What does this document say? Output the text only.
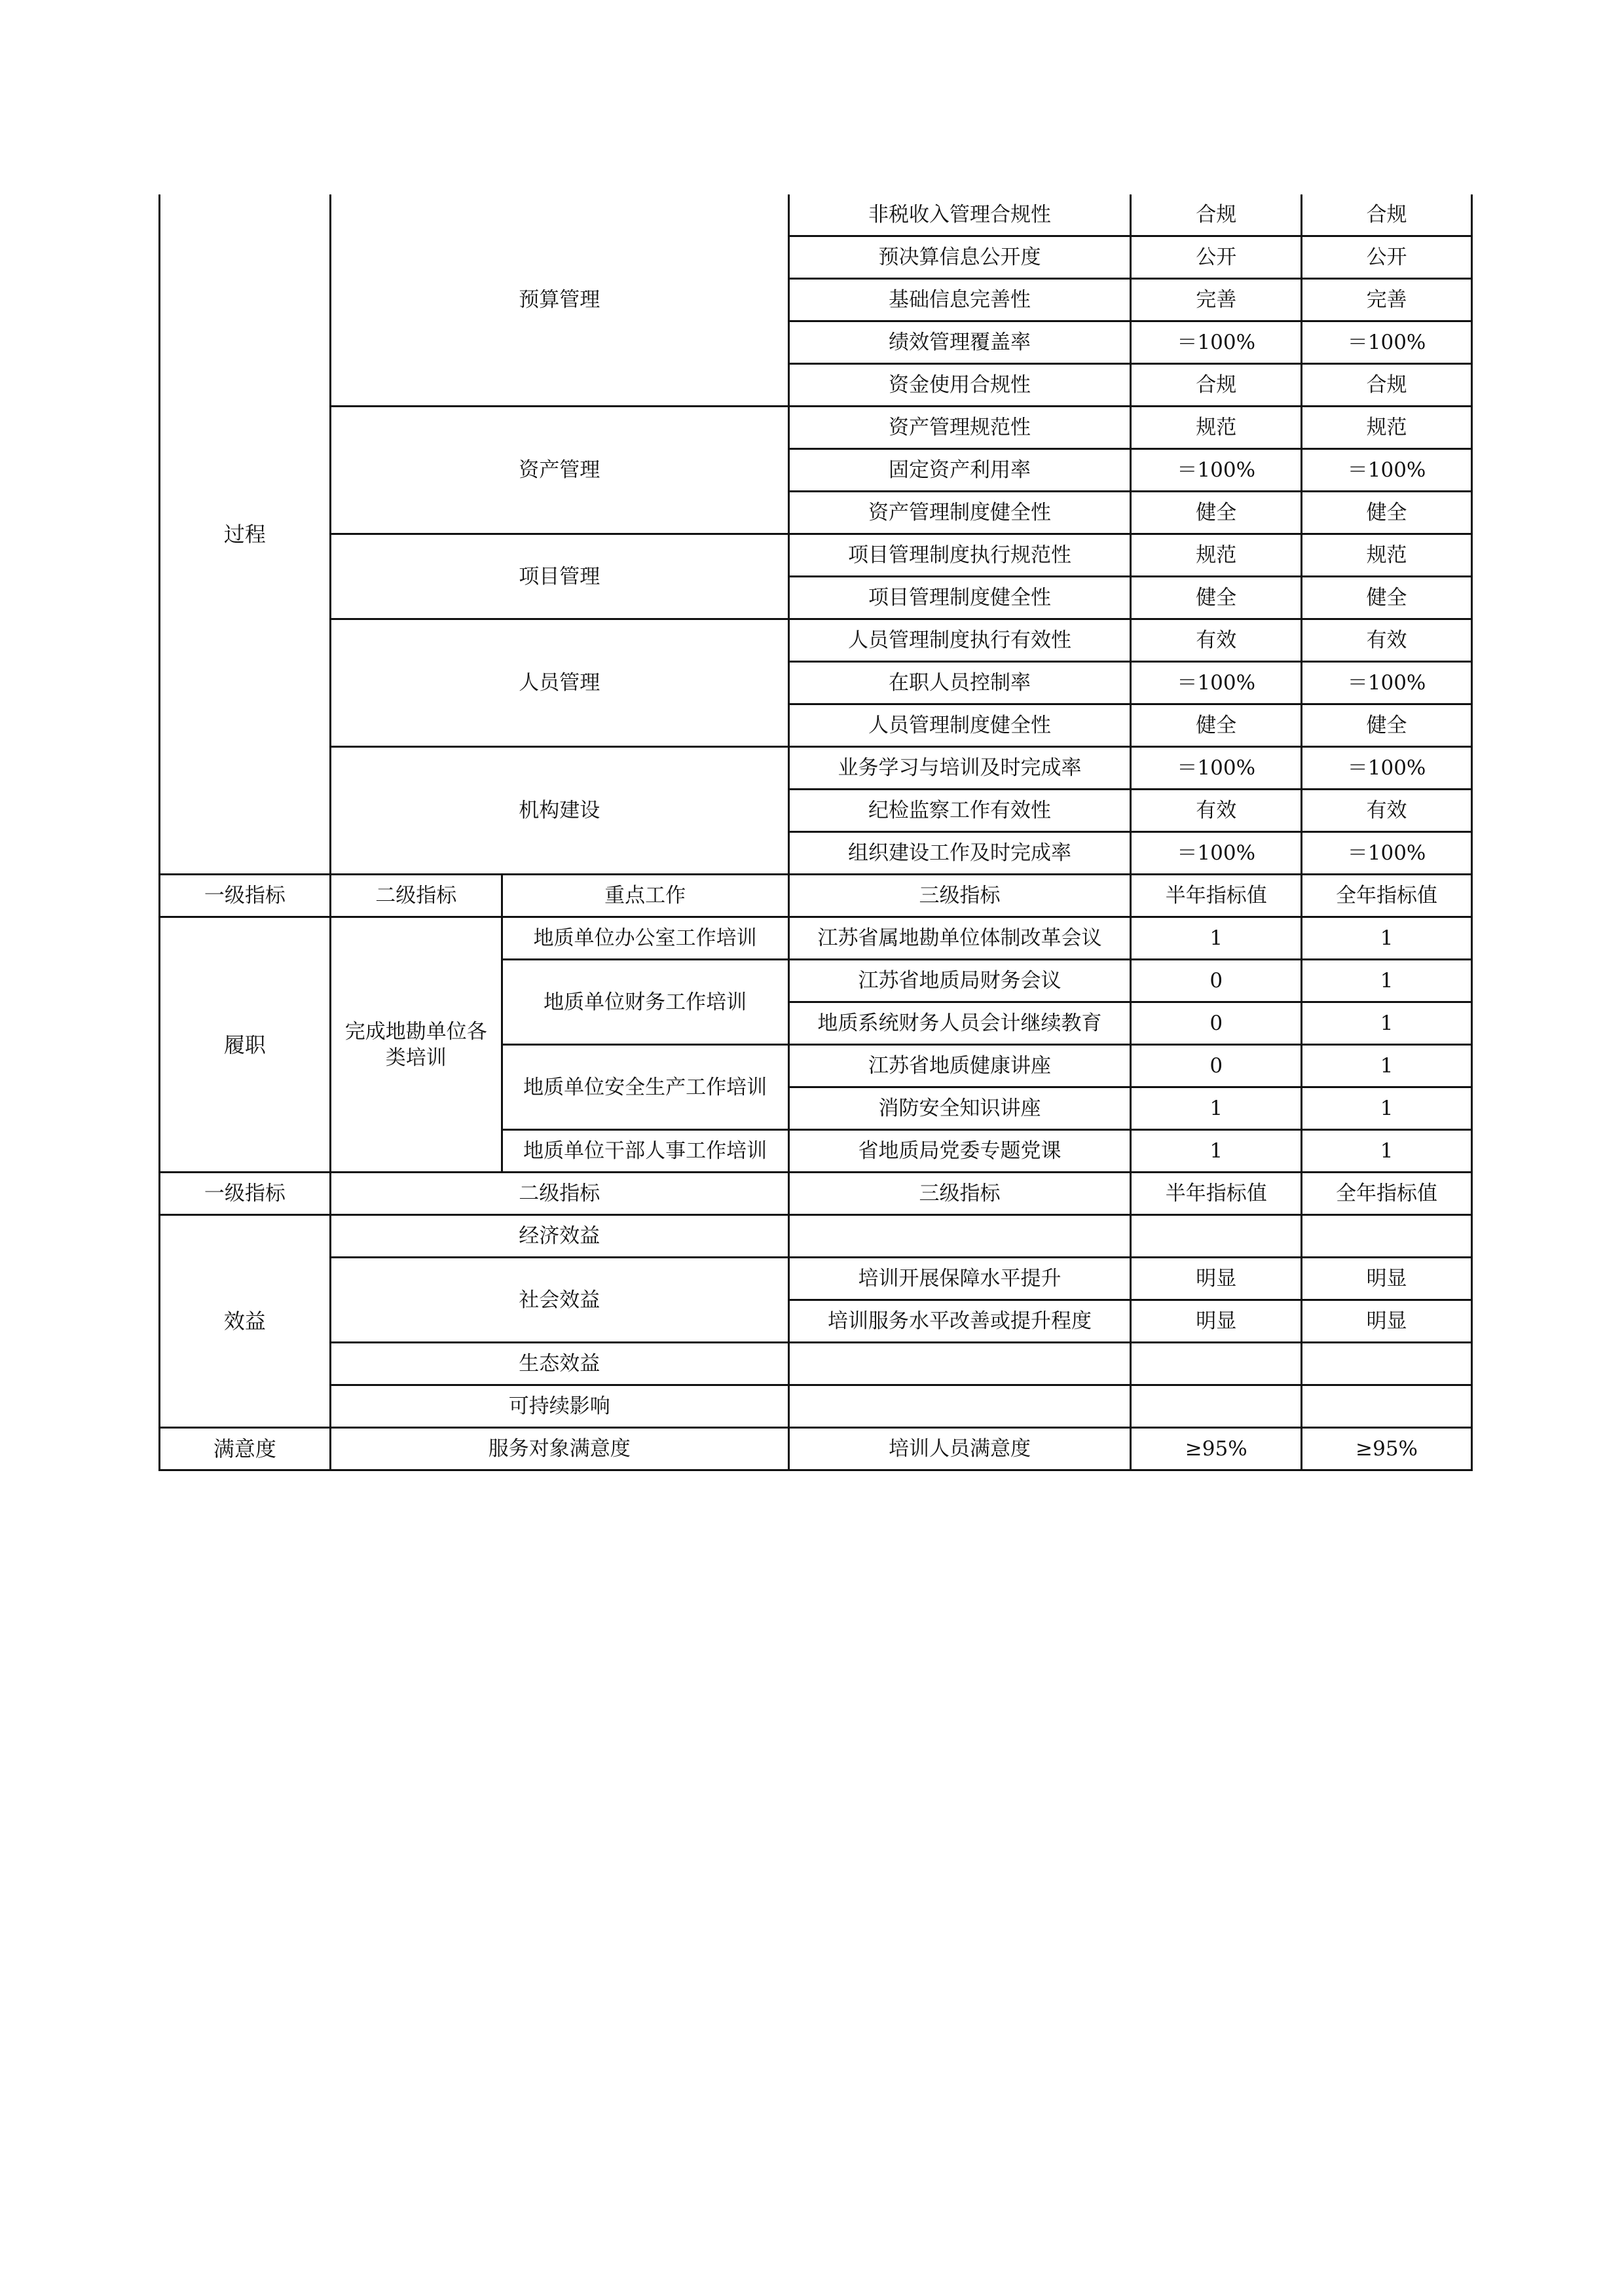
过程	预算管理		非税收入管理合规性	合规	合规
			预决算信息公开度	公开	公开
			基础信息完善性	完善	完善
			绩效管理覆盖率	＝100%	＝100%
			资金使用合规性	合规	合规
	资产管理		资产管理规范性	规范	规范
			固定资产利用率	＝100%	＝100%
			资产管理制度健全性	健全	健全
	项目管理		项目管理制度执行规范性	规范	规范
			项目管理制度健全性	健全	健全
	人员管理		人员管理制度执行有效性	有效	有效
			在职人员控制率	＝100%	＝100%
			人员管理制度健全性	健全	健全
	机构建设		业务学习与培训及时完成率	＝100%	＝100%
			纪检监察工作有效性	有效	有效
			组织建设工作及时完成率	＝100%	＝100%
一级指标	二级指标	重点工作	三级指标	半年指标值	全年指标值
履职	完成地勘单位各类培训	地质单位办公室工作培训	江苏省属地勘单位体制改革会议	1	1
		地质单位财务工作培训	江苏省地质局财务会议	0	1
			地质系统财务人员会计继续教育	0	1
		地质单位安全生产工作培训	江苏省地质健康讲座	0	1
			消防安全知识讲座	1	1
		地质单位干部人事工作培训	省地质局党委专题党课	1	1
一级指标	二级指标		三级指标	半年指标值	全年指标值
效益	经济效益				
	社会效益		培训开展保障水平提升	明显	明显
			培训服务水平改善或提升程度	明显	明显
	生态效益				
	可持续影响				
满意度	服务对象满意度		培训人员满意度	≥95%	≥95%
